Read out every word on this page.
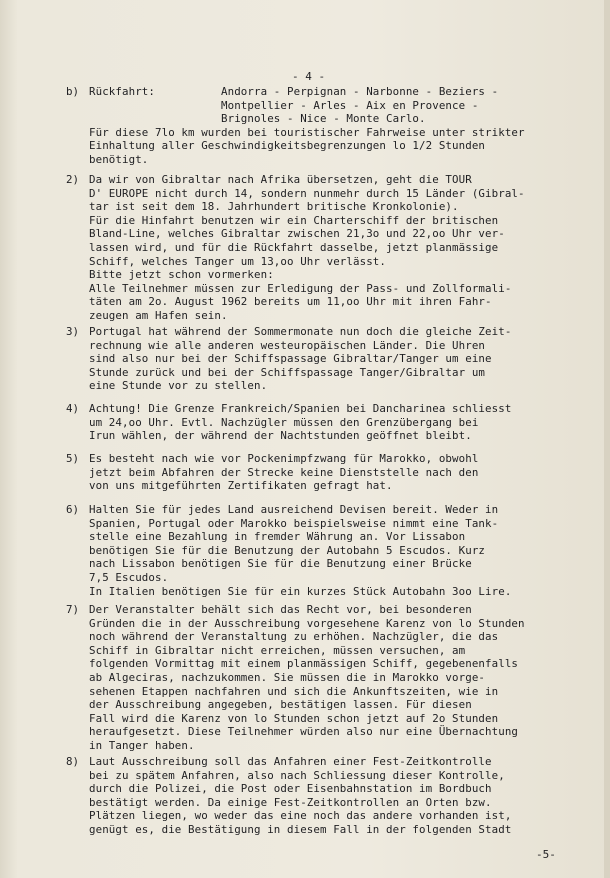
- 4 -
b) Rückfahrt:          Andorra - Perpignan - Narbonne - Beziers -
Montpellier - Arles - Aix en Provence -
Brignoles - Nice - Monte Carlo.
Für diese 7lo km wurden bei touristischer Fahrweise unter strikter
Einhaltung aller Geschwindigkeitsbegrenzungen lo 1/2 Stunden
benötigt.
2) Da wir von Gibraltar nach Afrika übersetzen, geht die TOUR
D' EUROPE nicht durch 14, sondern nunmehr durch 15 Länder (Gibral-
tar ist seit dem 18. Jahrhundert britische Kronkolonie).
Für die Hinfahrt benutzen wir ein Charterschiff der britischen
Bland-Line, welches Gibraltar zwischen 21,3o und 22,oo Uhr ver-
lassen wird, und für die Rückfahrt dasselbe, jetzt planmässige
Schiff, welches Tanger um 13,oo Uhr verlässt.
Bitte jetzt schon vormerken:
Alle Teilnehmer müssen zur Erledigung der Pass- und Zollformali-
täten am 2o. August 1962 bereits um 11,oo Uhr mit ihren Fahr-
zeugen am Hafen sein.
3) Portugal hat während der Sommermonate nun doch die gleiche Zeit-
rechnung wie alle anderen westeuropäischen Länder. Die Uhren
sind also nur bei der Schiffspassage Gibraltar/Tanger um eine
Stunde zurück und bei der Schiffspassage Tanger/Gibraltar um
eine Stunde vor zu stellen.
4) Achtung! Die Grenze Frankreich/Spanien bei Dancharinea schliesst
um 24,oo Uhr. Evtl. Nachzügler müssen den Grenzübergang bei
Irun wählen, der während der Nachtstunden geöffnet bleibt.
5) Es besteht nach wie vor Pockenimpfzwang für Marokko, obwohl
jetzt beim Abfahren der Strecke keine Dienststelle nach den
von uns mitgeführten Zertifikaten gefragt hat.
6) Halten Sie für jedes Land ausreichend Devisen bereit. Weder in
Spanien, Portugal oder Marokko beispielsweise nimmt eine Tank-
stelle eine Bezahlung in fremder Währung an. Vor Lissabon
benötigen Sie für die Benutzung der Autobahn 5 Escudos. Kurz
nach Lissabon benötigen Sie für die Benutzung einer Brücke
7,5 Escudos.
In Italien benötigen Sie für ein kurzes Stück Autobahn 3oo Lire.
7) Der Veranstalter behält sich das Recht vor, bei besonderen
Gründen die in der Ausschreibung vorgesehene Karenz von lo Stunden
noch während der Veranstaltung zu erhöhen. Nachzügler, die das
Schiff in Gibraltar nicht erreichen, müssen versuchen, am
folgenden Vormittag mit einem planmässigen Schiff, gegebenenfalls
ab Algeciras, nachzukommen. Sie müssen die in Marokko vorge-
sehenen Etappen nachfahren und sich die Ankunftszeiten, wie in
der Ausschreibung angegeben, bestätigen lassen. Für diesen
Fall wird die Karenz von lo Stunden schon jetzt auf 2o Stunden
heraufgesetzt. Diese Teilnehmer würden also nur eine Übernachtung
in Tanger haben.
8) Laut Ausschreibung soll das Anfahren einer Fest-Zeitkontrolle
bei zu spätem Anfahren, also nach Schliessung dieser Kontrolle,
durch die Polizei, die Post oder Eisenbahnstation im Bordbuch
bestätigt werden. Da einige Fest-Zeitkontrollen an Orten bzw.
Plätzen liegen, wo weder das eine noch das andere vorhanden ist,
genügt es, die Bestätigung in diesem Fall in der folgenden Stadt
-5-
